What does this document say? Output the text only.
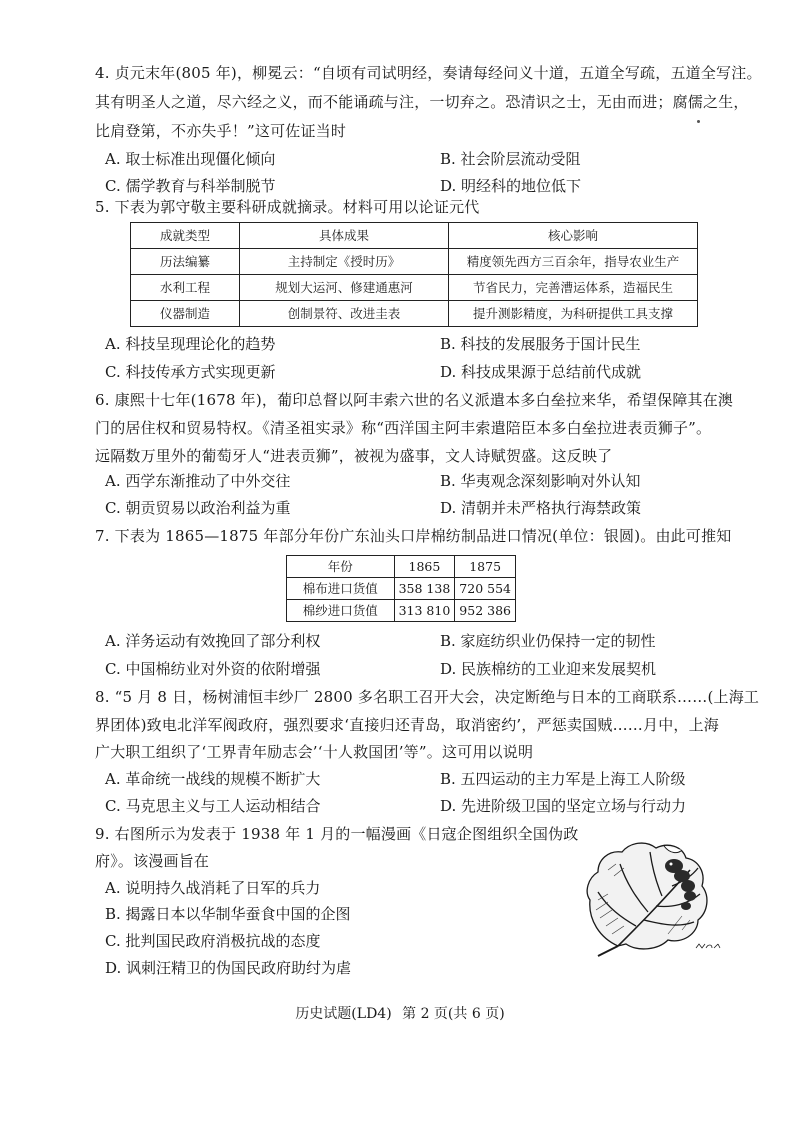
4. 贞元末年(805 年)，柳冕云：“自顷有司试明经，奏请每经问义十道，五道全写疏，五道全写注。
其有明圣人之道，尽六经之义，而不能诵疏与注，一切弃之。恐清识之士，无由而进；腐儒之生，
比肩登第，不亦失乎！”这可佐证当时
A. 取士标准出现僵化倾向	B. 社会阶层流动受阻
C. 儒学教育与科举制脱节	D. 明经科的地位低下
5. 下表为郭守敬主要科研成就摘录。材料可用以论证元代
成就类型	具体成果	核心影响
历法编纂	主持制定《授时历》	精度领先西方三百余年，指导农业生产
水利工程	规划大运河、修建通惠河	节省民力，完善漕运体系，造福民生
仪器制造	创制景符、改进圭表	提升测影精度，为科研提供工具支撑
A. 科技呈现理论化的趋势	B. 科技的发展服务于国计民生
C. 科技传承方式实现更新	D. 科技成果源于总结前代成就
6. 康熙十七年(1678 年)，葡印总督以阿丰索六世的名义派遣本多白垒拉来华，希望保障其在澳
门的居住权和贸易特权。《清圣祖实录》称“西洋国主阿丰索遣陪臣本多白垒拉进表贡狮子”。
远隔数万里外的葡萄牙人“进表贡狮”，被视为盛事，文人诗赋贺盛。这反映了
A. 西学东渐推动了中外交往	B. 华夷观念深刻影响对外认知
C. 朝贡贸易以政治利益为重	D. 清朝并未严格执行海禁政策
7. 下表为 1865—1875 年部分年份广东汕头口岸棉纺制品进口情况(单位：银圆)。由此可推知
年份	1865	1875
棉布进口货值	358 138	720 554
棉纱进口货值	313 810	952 386
A. 洋务运动有效挽回了部分利权	B. 家庭纺织业仍保持一定的韧性
C. 中国棉纺业对外资的依附增强	D. 民族棉纺的工业迎来发展契机
8. “5 月 8 日，杨树浦恒丰纱厂 2800 多名职工召开大会，决定断绝与日本的工商联系……(上海工
界团体)致电北洋军阀政府，强烈要求‘直接归还青岛，取消密约’，严惩卖国贼……月中，上海
广大职工组织了‘工界青年励志会’‘十人救国团’等”。这可用以说明
A. 革命统一战线的规模不断扩大	B. 五四运动的主力军是上海工人阶级
C. 马克思主义与工人运动相结合	D. 先进阶级卫国的坚定立场与行动力
9. 右图所示为发表于 1938 年 1 月的一幅漫画《日寇企图组织全国伪政
府》。该漫画旨在
A. 说明持久战消耗了日军的兵力
B. 揭露日本以华制华蚕食中国的企图
C. 批判国民政府消极抗战的态度
D. 讽刺汪精卫的伪国民政府助纣为虐
历史试题(LD4) 第 2 页(共 6 页)
